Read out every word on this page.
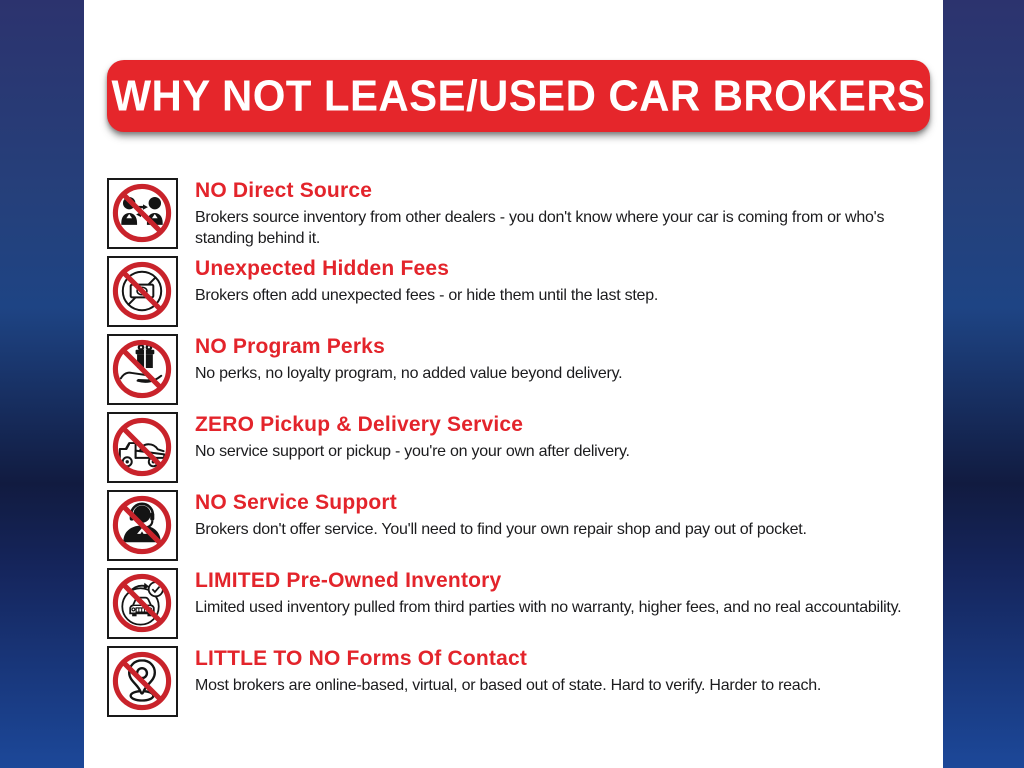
WHY NOT LEASE/USED CAR BROKERS
NO Direct Source
Brokers source inventory from other dealers - you don't know where your car is coming from or who's standing behind it.
Unexpected Hidden Fees
Brokers often add unexpected fees - or hide them until the last step.
NO Program Perks
No perks, no loyalty program, no added value beyond delivery.
ZERO Pickup & Delivery Service
No service support or pickup - you're on your own after delivery.
NO Service Support
Brokers don't offer service. You'll need to find your own repair shop and pay out of pocket.
LIMITED Pre-Owned Inventory
Limited used inventory pulled from third parties with no warranty, higher fees, and no real accountability.
LITTLE TO NO Forms Of Contact
Most brokers are online-based, virtual, or based out of state. Hard to verify. Harder to reach.
